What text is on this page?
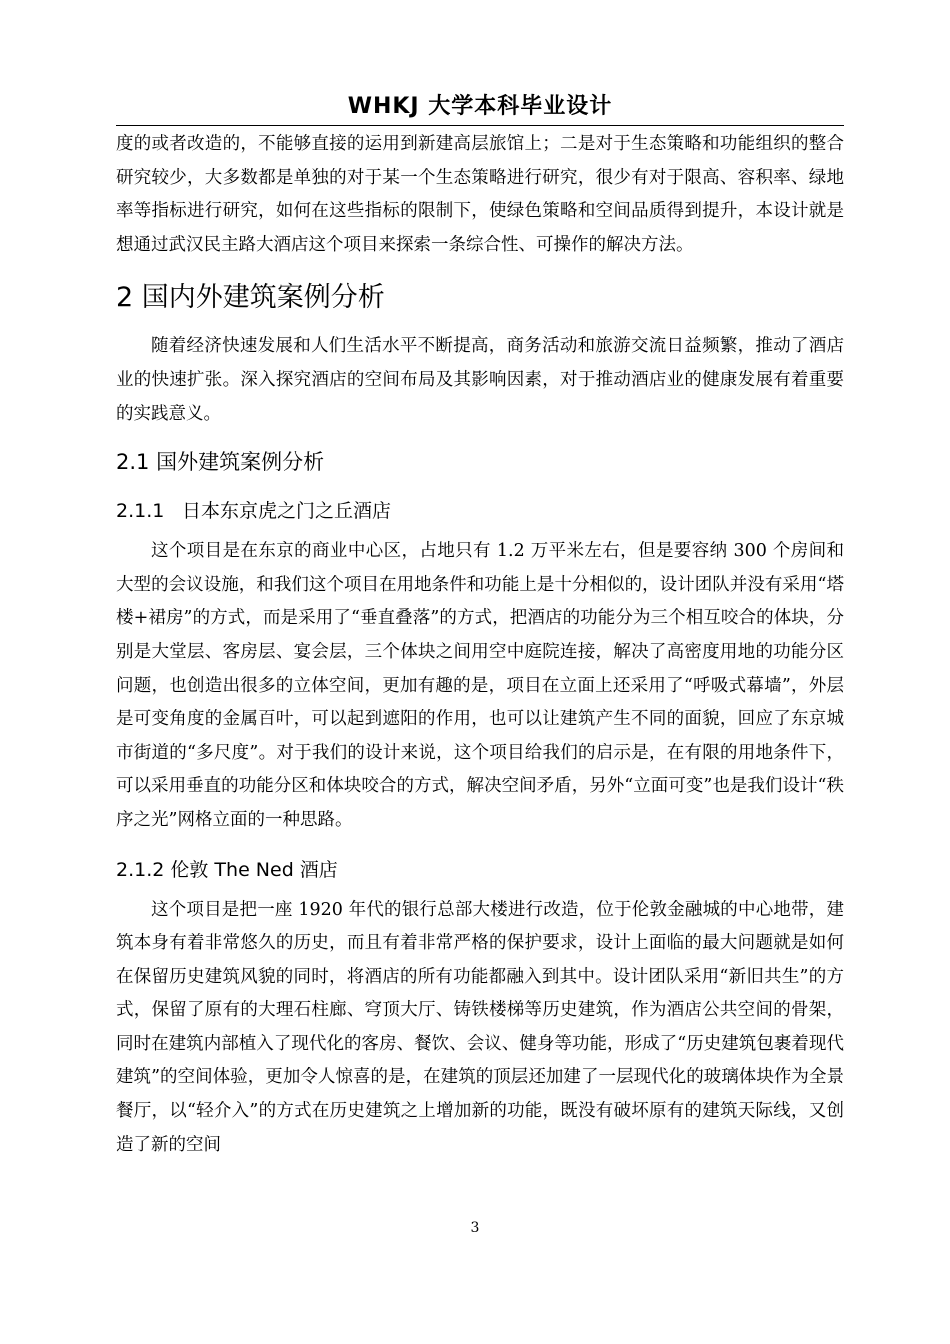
WHKJ 大学本科毕业设计

度的或者改造的，不能够直接的运用到新建高层旅馆上；二是对于生态策略和功能组织的整合研究较少，大多数都是单独的对于某一个生态策略进行研究，很少有对于限高、容积率、绿地率等指标进行研究，如何在这些指标的限制下，使绿色策略和空间品质得到提升，本设计就是想通过武汉民主路大酒店这个项目来探索一条综合性、可操作的解决方法。

2 国内外建筑案例分析

随着经济快速发展和人们生活水平不断提高，商务活动和旅游交流日益频繁，推动了酒店业的快速扩张。深入探究酒店的空间布局及其影响因素，对于推动酒店业的健康发展有着重要的实践意义。

2.1 国外建筑案例分析
2.1.1 日本东京虎之门之丘酒店

这个项目是在东京的商业中心区，占地只有 1.2 万平米左右，但是要容纳 300 个房间和大型的会议设施，和我们这个项目在用地条件和功能上是十分相似的，设计团队并没有采用“塔楼+裙房”的方式，而是采用了“垂直叠落”的方式，把酒店的功能分为三个相互咬合的体块，分别是大堂层、客房层、宴会层，三个体块之间用空中庭院连接，解决了高密度用地的功能分区问题，也创造出很多的立体空间，更加有趣的是，项目在立面上还采用了“呼吸式幕墙”，外层是可变角度的金属百叶，可以起到遮阳的作用，也可以让建筑产生不同的面貌，回应了东京城市街道的“多尺度”。对于我们的设计来说，这个项目给我们的启示是，在有限的用地条件下，可以采用垂直的功能分区和体块咬合的方式，解决空间矛盾，另外“立面可变”也是我们设计“秩序之光”网格立面的一种思路。

2.1.2 伦敦 The Ned 酒店

这个项目是把一座 1920 年代的银行总部大楼进行改造，位于伦敦金融城的中心地带，建筑本身有着非常悠久的历史，而且有着非常严格的保护要求，设计上面临的最大问题就是如何在保留历史建筑风貌的同时，将酒店的所有功能都融入到其中。设计团队采用“新旧共生”的方式，保留了原有的大理石柱廊、穹顶大厅、铸铁楼梯等历史建筑，作为酒店公共空间的骨架，同时在建筑内部植入了现代化的客房、餐饮、会议、健身等功能，形成了“历史建筑包裹着现代建筑”的空间体验，更加令人惊喜的是，在建筑的顶层还加建了一层现代化的玻璃体块作为全景餐厅，以“轻介入”的方式在历史建筑之上增加新的功能，既没有破坏原有的建筑天际线，又创造了新的空间

3
